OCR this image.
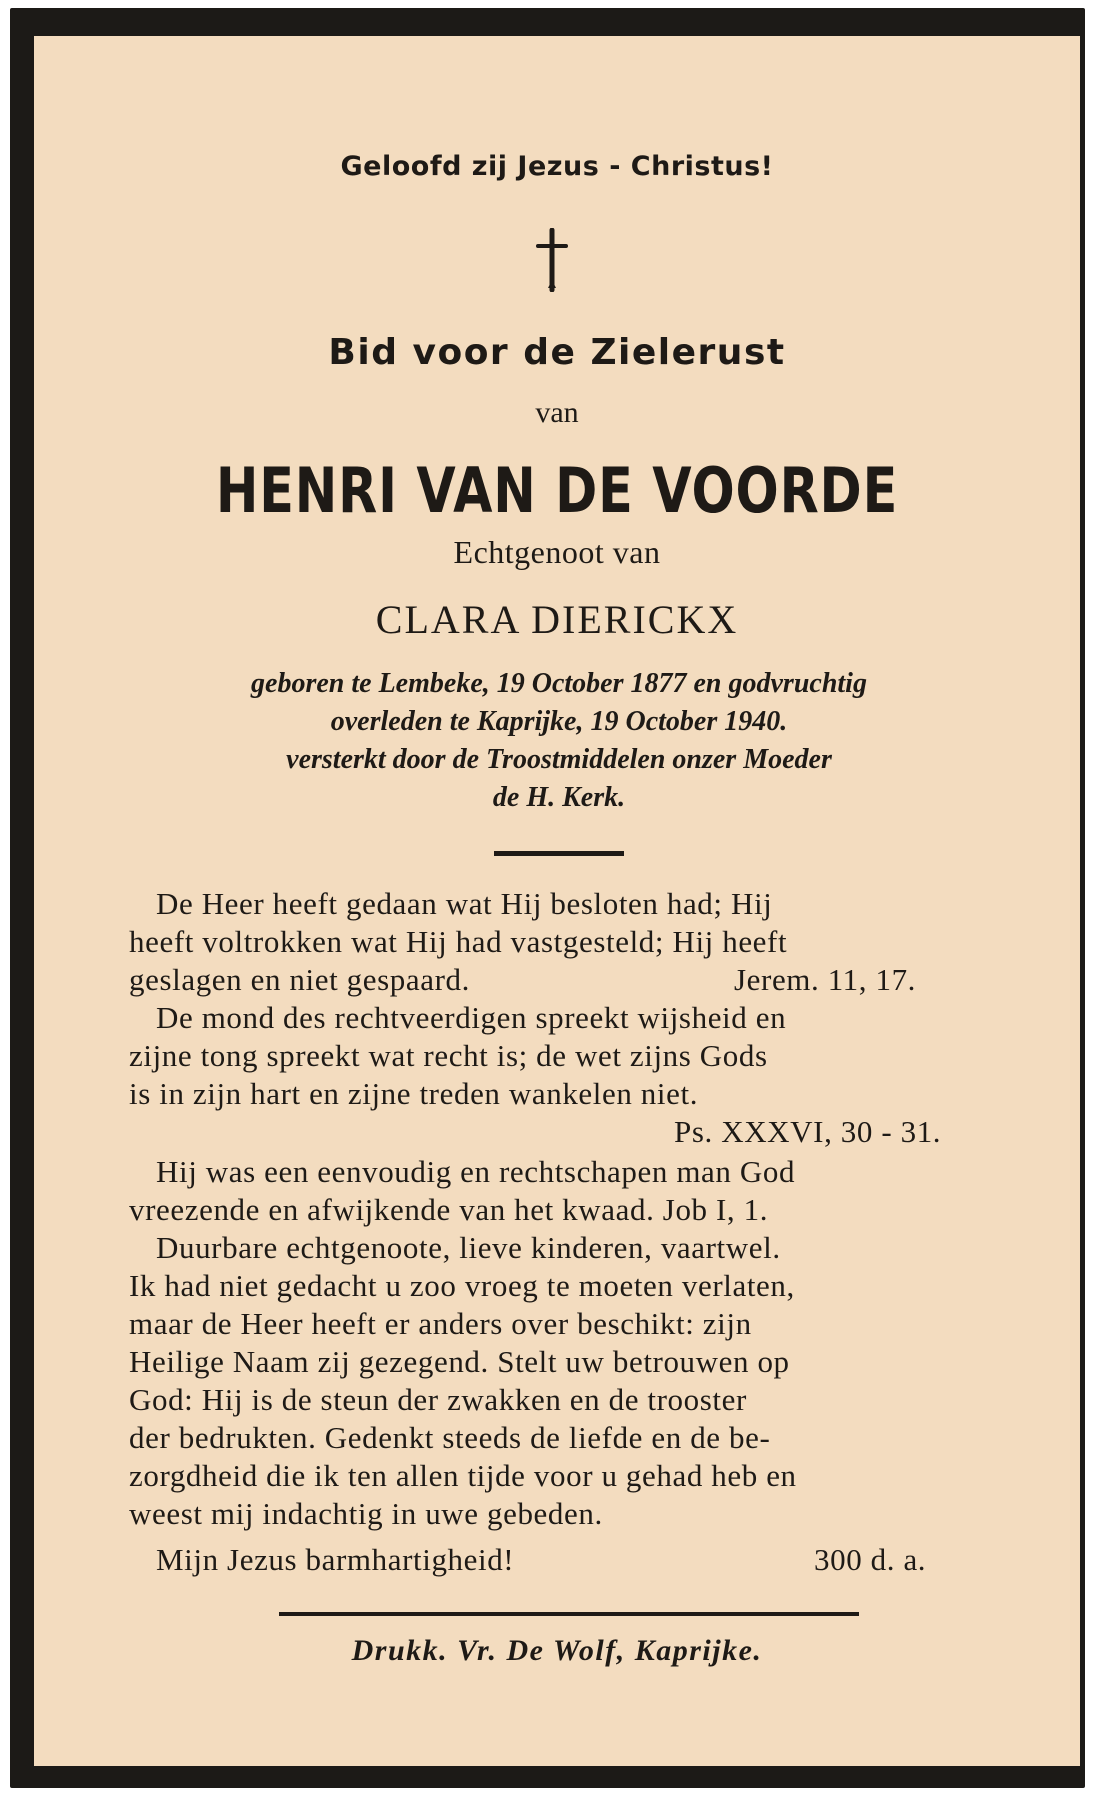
Geloofd zij Jezus - Christus!
Bid voor de Zielerust
van
HENRI VAN DE VOORDE
Echtgenoot van
CLARA DIERICKX
geboren te Lembeke, 19 October 1877 en godvruchtig
overleden te Kaprijke, 19 October 1940.
versterkt door de Troostmiddelen onzer Moeder
de H. Kerk.
De Heer heeft gedaan wat Hij besloten had; Hij
heeft voltrokken wat Hij had vastgesteld; Hij heeft
geslagen en niet gespaard.	Jerem. 11, 17.
De mond des rechtveerdigen spreekt wijsheid en
zijne tong spreekt wat recht is; de wet zijns Gods
is in zijn hart en zijne treden wankelen niet.
Ps. XXXVI, 30 - 31.
Hij was een eenvoudig en rechtschapen man God
vreezende en afwijkende van het kwaad. Job I, 1.
Duurbare echtgenoote, lieve kinderen, vaartwel.
Ik had niet gedacht u zoo vroeg te moeten verlaten,
maar de Heer heeft er anders over beschikt: zijn
Heilige Naam zij gezegend. Stelt uw betrouwen op
God: Hij is de steun der zwakken en de trooster
der bedrukten. Gedenkt steeds de liefde en de be-
zorgdheid die ik ten allen tijde voor u gehad heb en
weest mij indachtig in uwe gebeden.
Mijn Jezus barmhartigheid!	300 d. a.
Drukk. Vr. De Wolf, Kaprijke.
